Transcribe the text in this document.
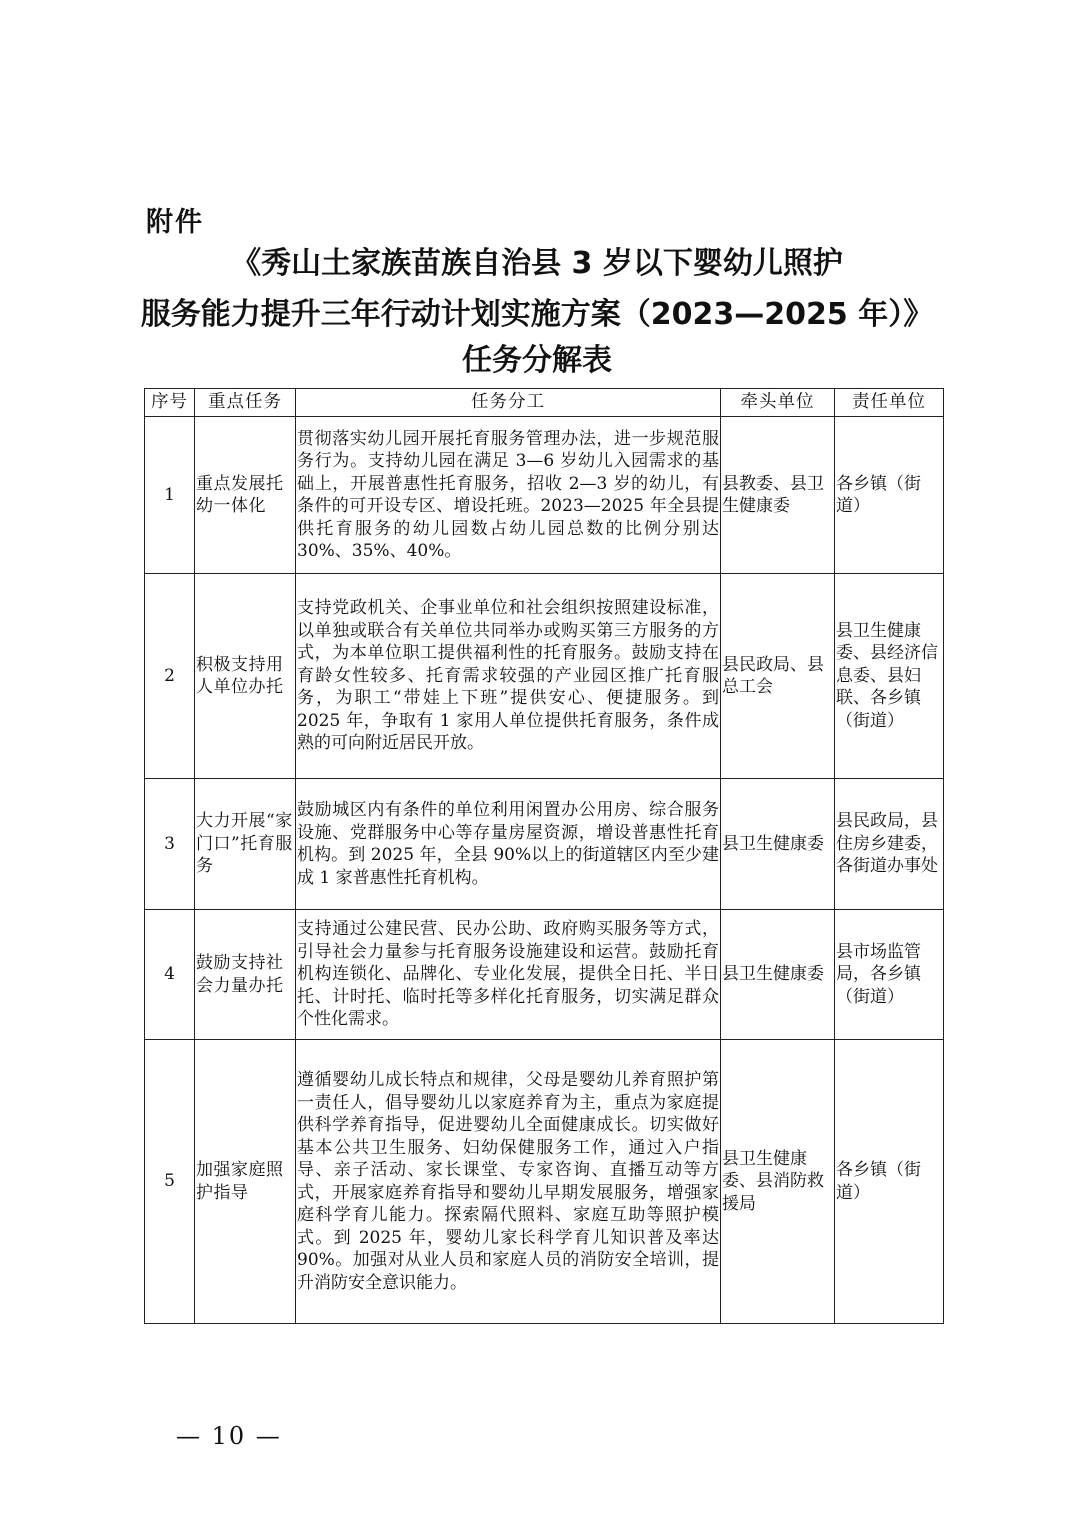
附件
《秀山土家族苗族自治县 3 岁以下婴幼儿照护
服务能力提升三年行动计划实施方案（2023—2025 年）》
任务分解表
序号	重点任务	任务分工	牵头单位	责任单位
1	重点发展托幼一体化	贯彻落实幼儿园开展托育服务管理办法，进一步规范服务行为。支持幼儿园在满足 3—6 岁幼儿入园需求的基础上，开展普惠性托育服务，招收 2—3 岁的幼儿，有条件的可开设专区、增设托班。2023—2025 年全县提供托育服务的幼儿园数占幼儿园总数的比例分别达 30%、35%、40%。	县教委、县卫生健康委	各乡镇（街道）
2	积极支持用人单位办托	支持党政机关、企事业单位和社会组织按照建设标准，以单独或联合有关单位共同举办或购买第三方服务的方式，为本单位职工提供福利性的托育服务。鼓励支持在育龄女性较多、托育需求较强的产业园区推广托育服务，为职工“带娃上下班”提供安心、便捷服务。到 2025 年，争取有 1 家用人单位提供托育服务，条件成熟的可向附近居民开放。	县民政局、县总工会	县卫生健康委、县经济信息委、县妇联、各乡镇（街道）
3	大力开展“家门口”托育服务	鼓励城区内有条件的单位利用闲置办公用房、综合服务设施、党群服务中心等存量房屋资源，增设普惠性托育机构。到 2025 年，全县 90%以上的街道辖区内至少建成 1 家普惠性托育机构。	县卫生健康委	县民政局，县住房乡建委，各街道办事处
4	鼓励支持社会力量办托	支持通过公建民营、民办公助、政府购买服务等方式，引导社会力量参与托育服务设施建设和运营。鼓励托育机构连锁化、品牌化、专业化发展，提供全日托、半日托、计时托、临时托等多样化托育服务，切实满足群众个性化需求。	县卫生健康委	县市场监管局，各乡镇（街道）
5	加强家庭照护指导	遵循婴幼儿成长特点和规律，父母是婴幼儿养育照护第一责任人，倡导婴幼儿以家庭养育为主，重点为家庭提供科学养育指导，促进婴幼儿全面健康成长。切实做好基本公共卫生服务、妇幼保健服务工作，通过入户指导、亲子活动、家长课堂、专家咨询、直播互动等方式，开展家庭养育指导和婴幼儿早期发展服务，增强家庭科学育儿能力。探索隔代照料、家庭互助等照护模式。到 2025 年，婴幼儿家长科学育儿知识普及率达 90%。加强对从业人员和家庭人员的消防安全培训，提升消防安全意识能力。	县卫生健康委、县消防救援局	各乡镇（街道）
— 10 —
